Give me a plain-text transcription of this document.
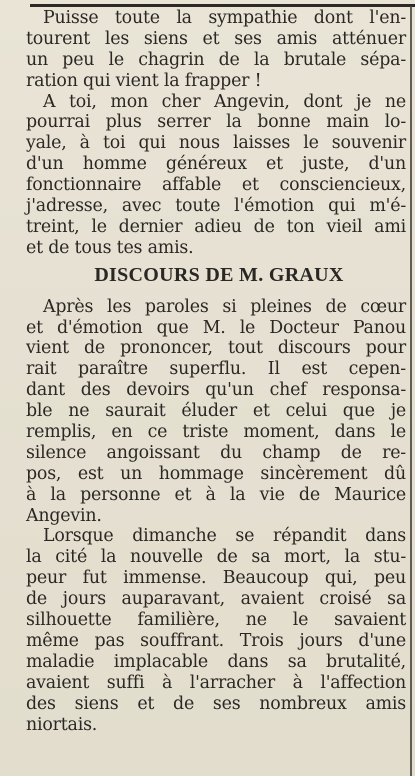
Puisse toute la sympathie dont l'en-
tourent les siens et ses amis atténuer
un peu le chagrin de la brutale sépa-
ration qui vient la frapper !
A toi, mon cher Angevin, dont je ne
pourrai plus serrer la bonne main lo-
yale, à toi qui nous laisses le souvenir
d'un homme généreux et juste, d'un
fonctionnaire affable et consciencieux,
j'adresse, avec toute l'émotion qui m'é-
treint, le dernier adieu de ton vieil ami
et de tous tes amis.
DISCOURS DE M. GRAUX
Après les paroles si pleines de cœur
et d'émotion que M. le Docteur Panou
vient de prononcer, tout discours pour
rait paraître superflu. Il est cepen-
dant des devoirs qu'un chef responsa-
ble ne saurait éluder et celui que je
remplis, en ce triste moment, dans le
silence angoissant du champ de re-
pos, est un hommage sincèrement dû
à la personne et à la vie de Maurice
Angevin.
Lorsque dimanche se répandit dans
la cité la nouvelle de sa mort, la stu-
peur fut immense. Beaucoup qui, peu
de jours auparavant, avaient croisé sa
silhouette familière, ne le savaient
même pas souffrant. Trois jours d'une
maladie implacable dans sa brutalité,
avaient suffi à l'arracher à l'affection
des siens et de ses nombreux amis
niortais.
